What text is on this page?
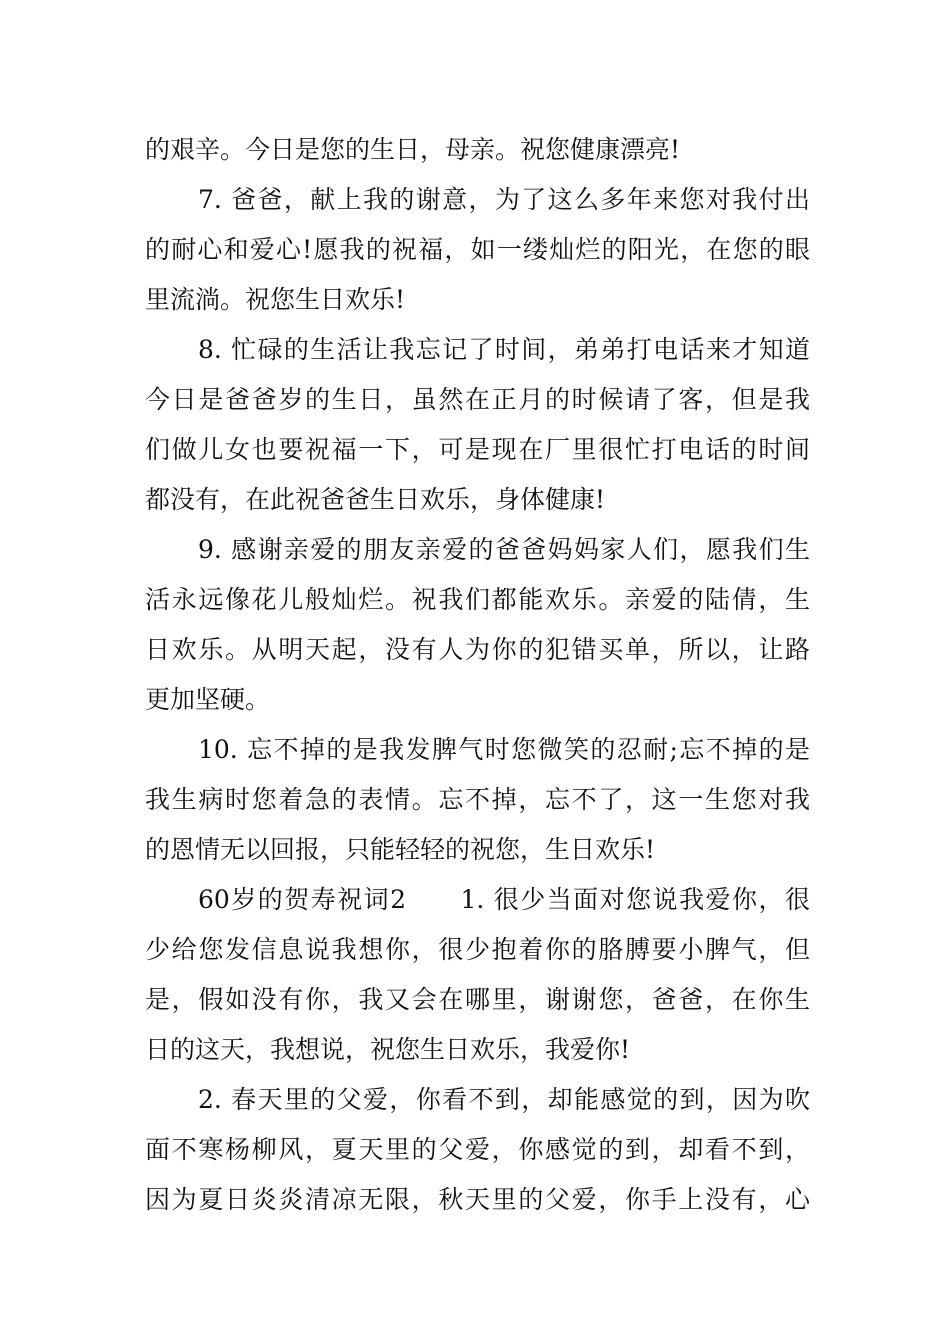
的艰辛。今日是您的生日，母亲。祝您健康漂亮!
7. 爸爸，献上我的谢意，为了这么多年来您对我付出
的耐心和爱心!愿我的祝福，如一缕灿烂的阳光，在您的眼
里流淌。祝您生日欢乐!
8. 忙碌的生活让我忘记了时间，弟弟打电话来才知道
今日是爸爸岁的生日，虽然在正月的时候请了客，但是我
们做儿女也要祝福一下，可是现在厂里很忙打电话的时间
都没有，在此祝爸爸生日欢乐，身体健康!
9. 感谢亲爱的朋友亲爱的爸爸妈妈家人们，愿我们生
活永远像花儿般灿烂。祝我们都能欢乐。亲爱的陆倩，生
日欢乐。从明天起，没有人为你的犯错买单，所以，让路
更加坚硬。
10. 忘不掉的是我发脾气时您微笑的忍耐;忘不掉的是
我生病时您着急的表情。忘不掉，忘不了，这一生您对我
的恩情无以回报，只能轻轻的祝您，生日欢乐!
60岁的贺寿祝词2　　1. 很少当面对您说我爱你，很
少给您发信息说我想你，很少抱着你的胳膊要小脾气，但
是，假如没有你，我又会在哪里，谢谢您，爸爸，在你生
日的这天，我想说，祝您生日欢乐，我爱你!
2. 春天里的父爱，你看不到，却能感觉的到，因为吹
面不寒杨柳风，夏天里的父爱，你感觉的到，却看不到，
因为夏日炎炎清凉无限，秋天里的父爱，你手上没有，心
